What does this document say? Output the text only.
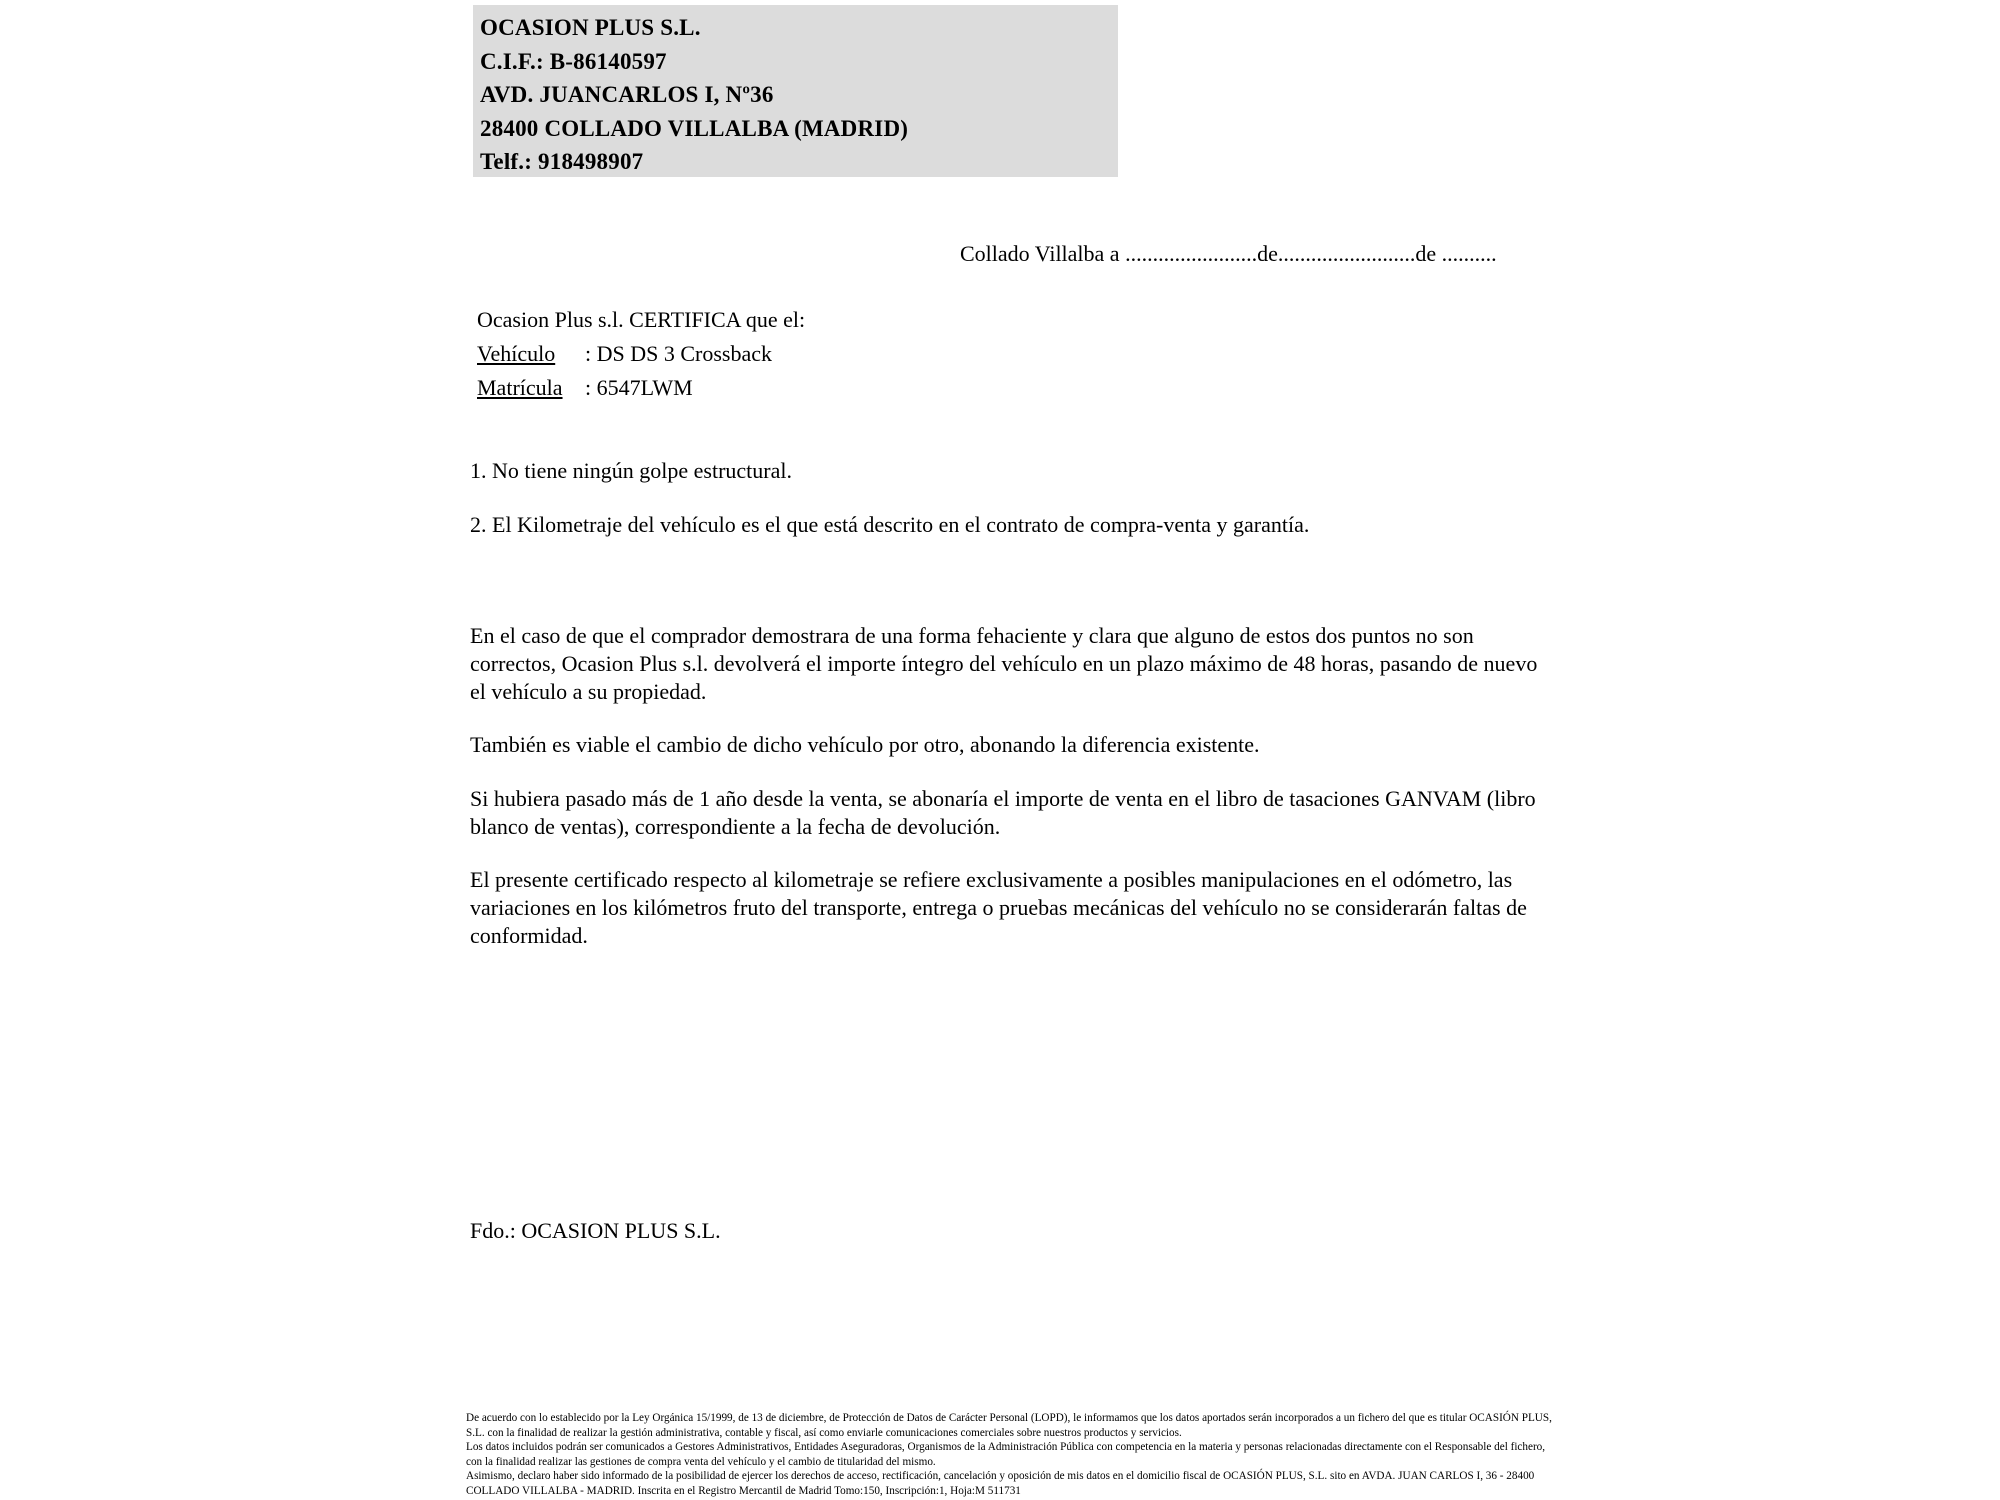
OCASION PLUS S.L.
C.I.F.: B-86140597
AVD. JUANCARLOS I, Nº36
28400 COLLADO VILLALBA (MADRID)
Telf.: 918498907
Collado Villalba a ........................de.........................de ..........
Ocasion Plus s.l. CERTIFICA que el:
Vehículo	: DS DS 3 Crossback
Matrícula	: 6547LWM
1. No tiene ningún golpe estructural.
2. El Kilometraje del vehículo es el que está descrito en el contrato de compra-venta y garantía.
En el caso de que el comprador demostrara de una forma fehaciente y clara que alguno de estos dos puntos no son correctos, Ocasion Plus s.l. devolverá el importe íntegro del vehículo en un plazo máximo de 48 horas, pasando de nuevo el vehículo a su propiedad.
También es viable el cambio de dicho vehículo por otro, abonando la diferencia existente.
Si hubiera pasado más de 1 año desde la venta, se abonaría el importe de venta en el libro de tasaciones GANVAM (libro blanco de ventas), correspondiente a la fecha de devolución.
El presente certificado respecto al kilometraje se refiere exclusivamente a posibles manipulaciones en el odómetro, las variaciones en los kilómetros fruto del transporte, entrega o pruebas mecánicas del vehículo no se considerarán faltas de conformidad.
Fdo.: OCASION PLUS S.L.

De acuerdo con lo establecido por la Ley Orgánica 15/1999, de 13 de diciembre, de Protección de Datos de Carácter Personal (LOPD), le informamos que los datos aportados serán incorporados a un fichero del que es titular OCASIÓN PLUS, S.L. con la finalidad de realizar la gestión administrativa, contable y fiscal, así como enviarle comunicaciones comerciales sobre nuestros productos y servicios.

Los datos incluidos podrán ser comunicados a Gestores Administrativos, Entidades Aseguradoras, Organismos de la Administración Pública con competencia en la materia y personas relacionadas directamente con el Responsable del fichero, con la finalidad realizar las gestiones de compra venta del vehículo y el cambio de titularidad del mismo.

Asimismo, declaro haber sido informado de la posibilidad de ejercer los derechos de acceso, rectificación, cancelación y oposición de mis datos en el domicilio fiscal de OCASIÓN PLUS, S.L. sito en AVDA. JUAN CARLOS I, 36 - 28400 COLLADO VILLALBA - MADRID. Inscrita en el Registro Mercantil de Madrid Tomo:150, Inscripción:1, Hoja:M 511731
